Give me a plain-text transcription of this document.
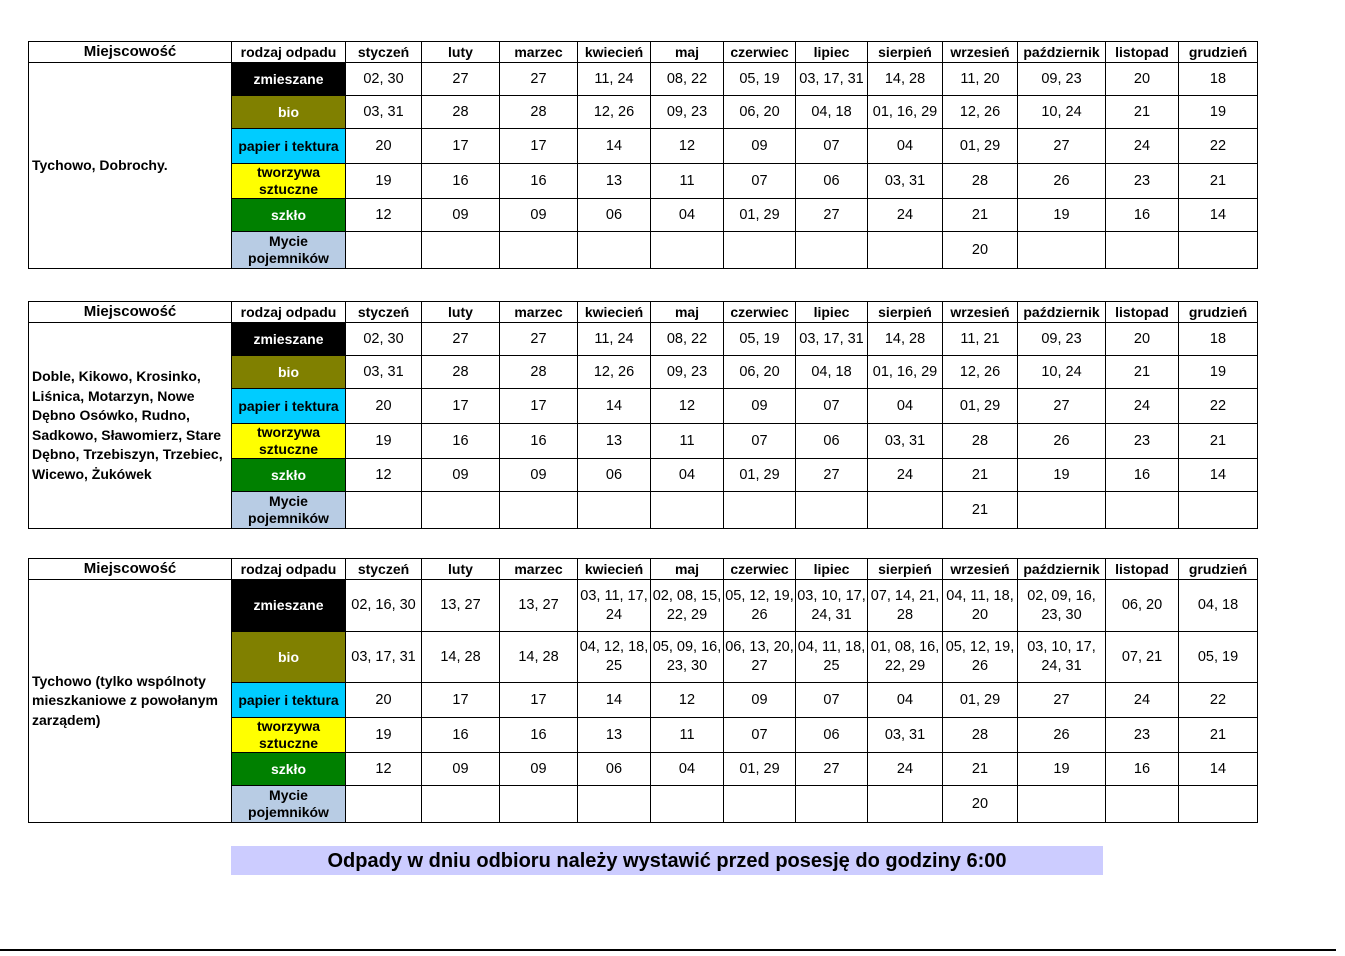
Miejscowość	rodzaj odpadu	styczeń	luty	marzec	kwiecień	maj	czerwiec	lipiec	sierpień	wrzesień	październik	listopad	grudzień
Tychowo, Dobrochy.	zmieszane	02, 30	27	27	11, 24	08, 22	05, 19	03, 17, 31	14, 28	11, 20	09, 23	20	18
	bio	03, 31	28	28	12, 26	09, 23	06, 20	04, 18	01, 16, 29	12, 26	10, 24	21	19
	papier i tektura	20	17	17	14	12	09	07	04	01, 29	27	24	22
	tworzywa sztuczne	19	16	16	13	11	07	06	03, 31	28	26	23	21
	szkło	12	09	09	06	04	01, 29	27	24	21	19	16	14
	Mycie pojemników									20			
Miejscowość	rodzaj odpadu	styczeń	luty	marzec	kwiecień	maj	czerwiec	lipiec	sierpień	wrzesień	październik	listopad	grudzień
Doble, Kikowo, Krosinko, Liśnica, Motarzyn, Nowe Dębno Osówko, Rudno, Sadkowo, Sławomierz, Stare Dębno, Trzebiszyn, Trzebiec, Wicewo, Żukówek	zmieszane	02, 30	27	27	11, 24	08, 22	05, 19	03, 17, 31	14, 28	11, 21	09, 23	20	18
	bio	03, 31	28	28	12, 26	09, 23	06, 20	04, 18	01, 16, 29	12, 26	10, 24	21	19
	papier i tektura	20	17	17	14	12	09	07	04	01, 29	27	24	22
	tworzywa sztuczne	19	16	16	13	11	07	06	03, 31	28	26	23	21
	szkło	12	09	09	06	04	01, 29	27	24	21	19	16	14
	Mycie pojemników									21			
Miejscowość	rodzaj odpadu	styczeń	luty	marzec	kwiecień	maj	czerwiec	lipiec	sierpień	wrzesień	październik	listopad	grudzień
Tychowo (tylko wspólnoty mieszkaniowe z powołanym zarządem)	zmieszane	02, 16, 30	13, 27	13, 27	03, 11, 17, 24	02, 08, 15, 22, 29	05, 12, 19, 26	03, 10, 17, 24, 31	07, 14, 21, 28	04, 11, 18, 20	02, 09, 16, 23, 30	06, 20	04, 18
	bio	03, 17, 31	14, 28	14, 28	04, 12, 18, 25	05, 09, 16, 23, 30	06, 13, 20, 27	04, 11, 18, 25	01, 08, 16, 22, 29	05, 12, 19, 26	03, 10, 17, 24, 31	07, 21	05, 19
	papier i tektura	20	17	17	14	12	09	07	04	01, 29	27	24	22
	tworzywa sztuczne	19	16	16	13	11	07	06	03, 31	28	26	23	21
	szkło	12	09	09	06	04	01, 29	27	24	21	19	16	14
	Mycie pojemników									20			
Odpady w dniu odbioru należy wystawić przed posesję do godziny 6:00
